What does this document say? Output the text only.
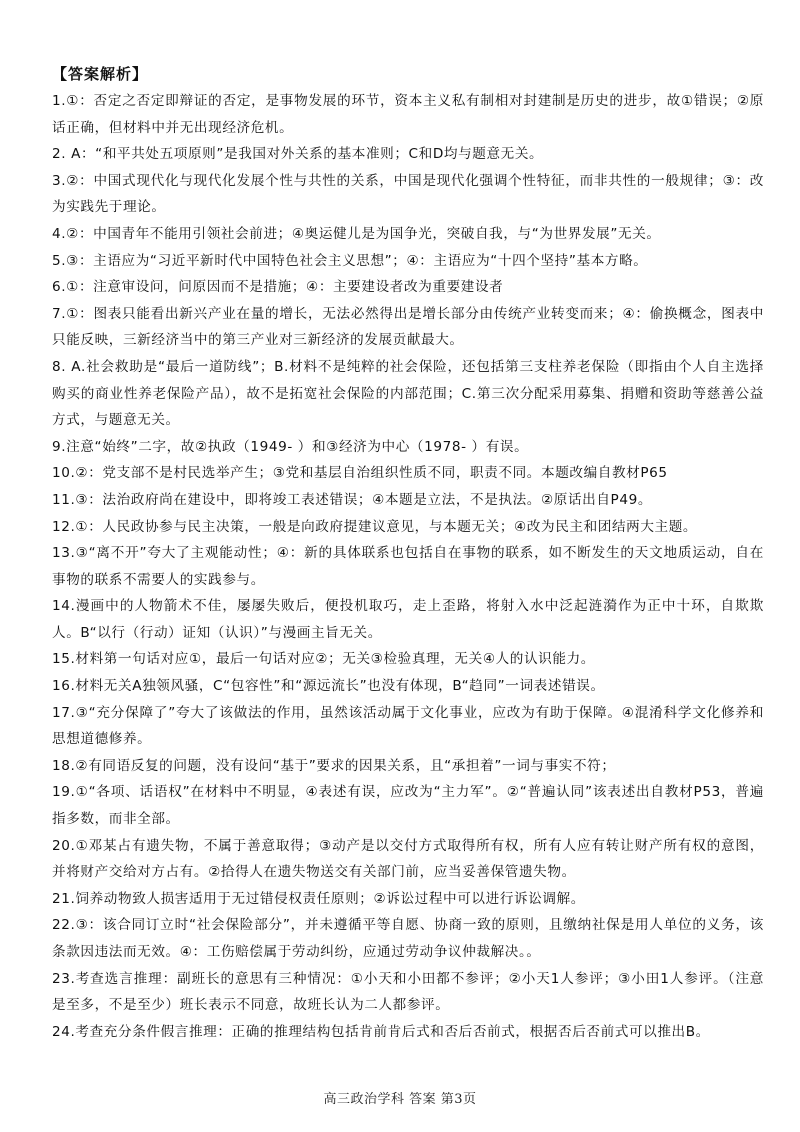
【答案解析】

1.①：否定之否定即辩证的否定，是事物发展的环节，资本主义私有制相对封建制是历史的进步，故①错误；②原话正确，但材料中并无出现经济危机。

2. A：“和平共处五项原则”是我国对外关系的基本准则；C和D均与题意无关。

3.②：中国式现代化与现代化发展个性与共性的关系，中国是现代化强调个性特征，而非共性的一般规律；③：改为实践先于理论。

4.②：中国青年不能用引领社会前进；④奥运健儿是为国争光，突破自我，与“为世界发展”无关。

5.③：主语应为“习近平新时代中国特色社会主义思想”；④：主语应为“十四个坚持”基本方略。

6.①：注意审设问，问原因而不是措施；④：主要建设者改为重要建设者

7.①：图表只能看出新兴产业在量的增长，无法必然得出是增长部分由传统产业转变而来；④：偷换概念，图表中只能反映，三新经济当中的第三产业对三新经济的发展贡献最大。

8. A.社会救助是“最后一道防线”；B.材料不是纯粹的社会保险，还包括第三支柱养老保险（即指由个人自主选择购买的商业性养老保险产品），故不是拓宽社会保险的内部范围；C.第三次分配采用募集、捐赠和资助等慈善公益方式，与题意无关。

9.注意“始终”二字，故②执政（1949- ）和③经济为中心（1978- ）有误。

10.②：党支部不是村民选举产生；③党和基层自治组织性质不同，职责不同。本题改编自教材P65

11.③：法治政府尚在建设中，即将竣工表述错误；④本题是立法，不是执法。②原话出自P49。

12.①：人民政协参与民主决策，一般是向政府提建议意见，与本题无关；④改为民主和团结两大主题。

13.③“离不开”夸大了主观能动性；④：新的具体联系也包括自在事物的联系，如不断发生的天文地质运动，自在事物的联系不需要人的实践参与。

14.漫画中的人物箭术不佳，屡屡失败后，便投机取巧，走上歪路，将射入水中泛起涟漪作为正中十环，自欺欺人。B“以行（行动）证知（认识）”与漫画主旨无关。

15.材料第一句话对应①，最后一句话对应②；无关③检验真理，无关④人的认识能力。

16.材料无关A独领风骚，C“包容性”和“源远流长”也没有体现，B“趋同”一词表述错误。

17.③“充分保障了”夸大了该做法的作用，虽然该活动属于文化事业，应改为有助于保障。④混淆科学文化修养和思想道德修养。

18.②有同语反复的问题，没有设问“基于”要求的因果关系，且“承担着”一词与事实不符；

19.①“各项、话语权”在材料中不明显，④表述有误，应改为“主力军”。②“普遍认同”该表述出自教材P53，普遍指多数，而非全部。

20.①邓某占有遗失物，不属于善意取得；③动产是以交付方式取得所有权，所有人应有转让财产所有权的意图，并将财产交给对方占有。②拾得人在遗失物送交有关部门前，应当妥善保管遗失物。

21.饲养动物致人损害适用于无过错侵权责任原则；②诉讼过程中可以进行诉讼调解。

22.③：该合同订立时“社会保险部分”，并未遵循平等自愿、协商一致的原则，且缴纳社保是用人单位的义务，该条款因违法而无效。④：工伤赔偿属于劳动纠纷，应通过劳动争议仲裁解决。。

23.考查选言推理：副班长的意思有三种情况：①小天和小田都不参评；②小天1人参评；③小田1人参评。（注意是至多，不是至少）班长表示不同意，故班长认为二人都参评。

24.考查充分条件假言推理：正确的推理结构包括肯前肯后式和否后否前式，根据否后否前式可以推出B。

高三政治学科 答案 第3页
